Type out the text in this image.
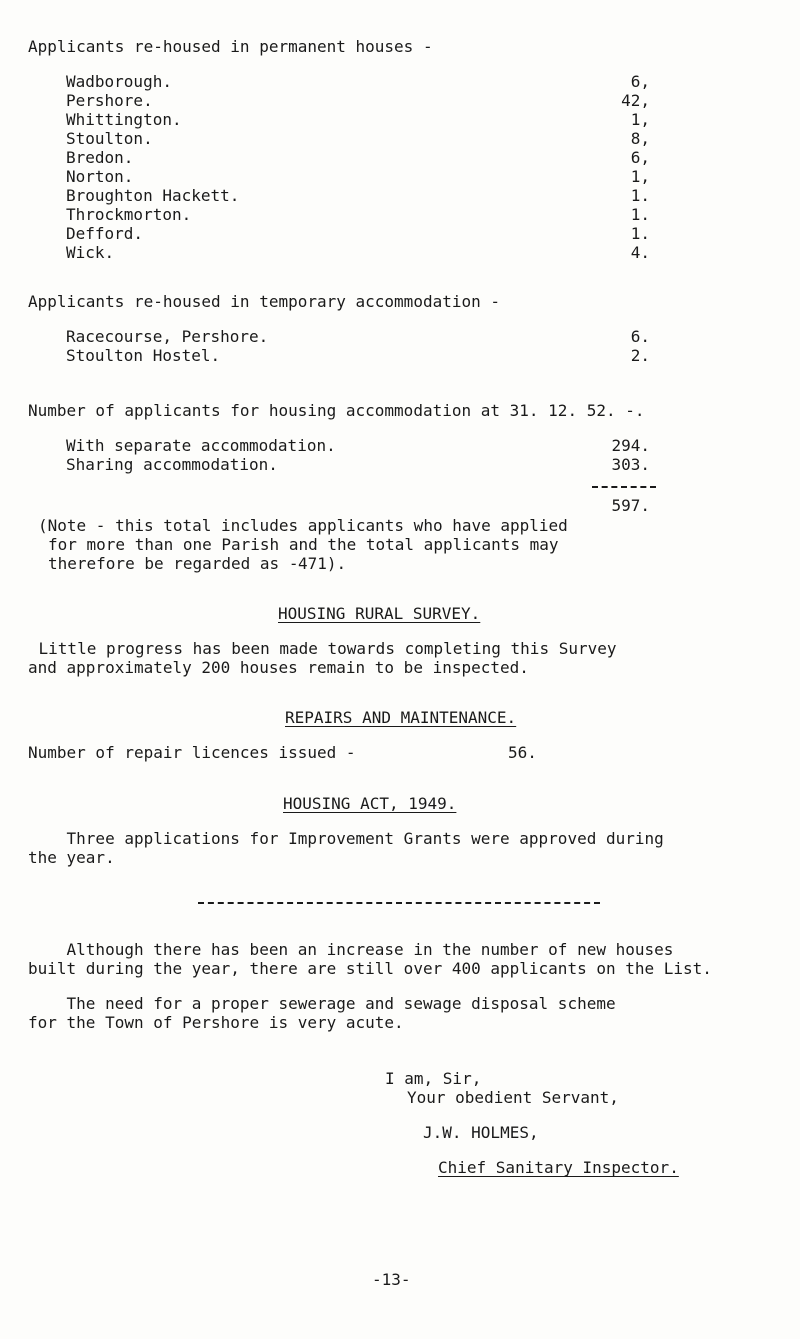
Applicants re-housed in permanent houses -
Wadborough.	6,
Pershore.	42,
Whittington.	1,
Stoulton.	8,
Bredon.	6,
Norton.	1,
Broughton Hackett.	1.
Throckmorton.	1.
Defford.	1.
Wick.	4.
Applicants re-housed in temporary accommodation -
Racecourse, Pershore.	6.
Stoulton Hostel.	2.
Number of applicants for housing accommodation at 31. 12. 52. -.
With separate accommodation.	294.
Sharing accommodation.	303.
597.
(Note - this total includes applicants who have applied
for more than one Parish and the total applicants may
therefore be regarded as - 471).
HOUSING RURAL SURVEY.
Little progress has been made towards completing this Survey
and approximately 200 houses remain to be inspected.
REPAIRS AND MAINTENANCE.
Number of repair licences issued -	56.
HOUSING ACT, 1949.
Three applications for Improvement Grants were approved during
the year.
Although there has been an increase in the number of new houses
built during the year, there are still over 400 applicants on the List.
The need for a proper sewerage and sewage disposal scheme
for the Town of Pershore is very acute.
I am, Sir,
Your obedient Servant,
J.W. HOLMES,
Chief Sanitary Inspector.
-13-
